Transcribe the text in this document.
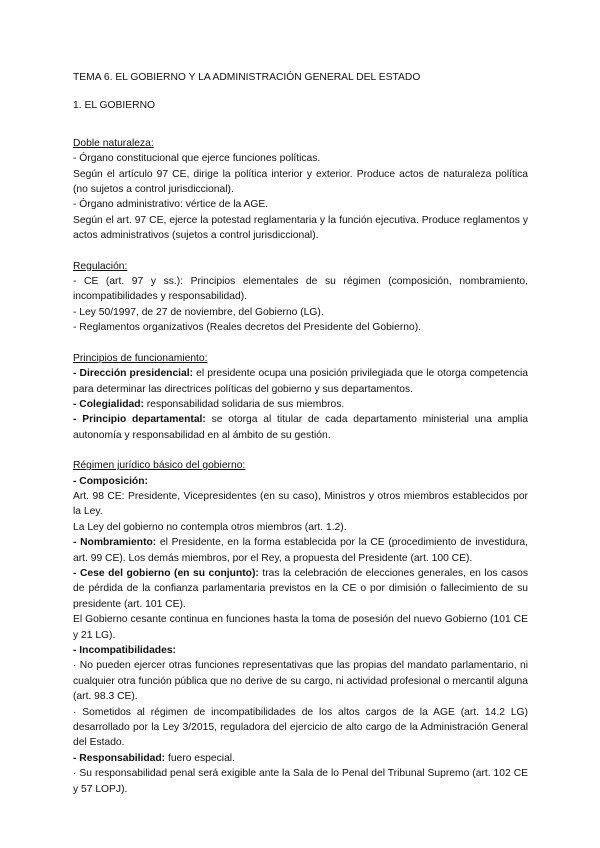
TEMA 6. EL GOBIERNO Y LA ADMINISTRACIÓN GENERAL DEL ESTADO

1. EL GOBIERNO

Doble naturaleza:

- Órgano constitucional que ejerce funciones políticas.

Según el artículo 97 CE, dirige la política interior y exterior. Produce actos de naturaleza política (no sujetos a control jurisdiccional).

- Órgano administrativo: vértice de la AGE.

Según el art. 97 CE, ejerce la potestad reglamentaria y la función ejecutiva. Produce reglamentos y actos administrativos (sujetos a control jurisdiccional).

Regulación:

- CE (art. 97 y ss.): Principios elementales de su régimen (composición, nombramiento, incompatibilidades y responsabilidad).

- Ley 50/1997, de 27 de noviembre, del Gobierno (LG).

- Reglamentos organizativos (Reales decretos del Presidente del Gobierno).

Principios de funcionamiento:

- Dirección presidencial: el presidente ocupa una posición privilegiada que le otorga competencia para determinar las directrices políticas del gobierno y sus departamentos.

- Colegialidad: responsabilidad solidaria de sus miembros.

- Principio departamental: se otorga al titular de cada departamento ministerial una amplia autonomía y responsabilidad en al ámbito de su gestión.

Régimen jurídico básico del gobierno:

- Composición:

Art. 98 CE: Presidente, Vicepresidentes (en su caso), Ministros y otros miembros establecidos por la Ley.

La Ley del gobierno no contempla otros miembros (art. 1.2).

- Nombramiento: el Presidente, en la forma establecida por la CE (procedimiento de investidura, art. 99 CE). Los demás miembros, por el Rey, a propuesta del Presidente (art. 100 CE).

- Cese del gobierno (en su conjunto): tras la celebración de elecciones generales, en los casos de pérdida de la confianza parlamentaria previstos en la CE o por dimisión o fallecimiento de su presidente (art. 101 CE).

El Gobierno cesante continua en funciones hasta la toma de posesión del nuevo Gobierno (101 CE y 21 LG).

- Incompatibilidades:

· No pueden ejercer otras funciones representativas que las propias del mandato parlamentario, ni cualquier otra función pública que no derive de su cargo, ni actividad profesional o mercantil alguna (art. 98.3 CE).

· Sometidos al régimen de incompatibilidades de los altos cargos de la AGE (art. 14.2 LG) desarrollado por la Ley 3/2015, reguladora del ejercicio de alto cargo de la Administración General del Estado.

- Responsabilidad: fuero especial.

· Su responsabilidad penal será exigible ante la Sala de lo Penal del Tribunal Supremo (art. 102 CE y 57 LOPJ).
